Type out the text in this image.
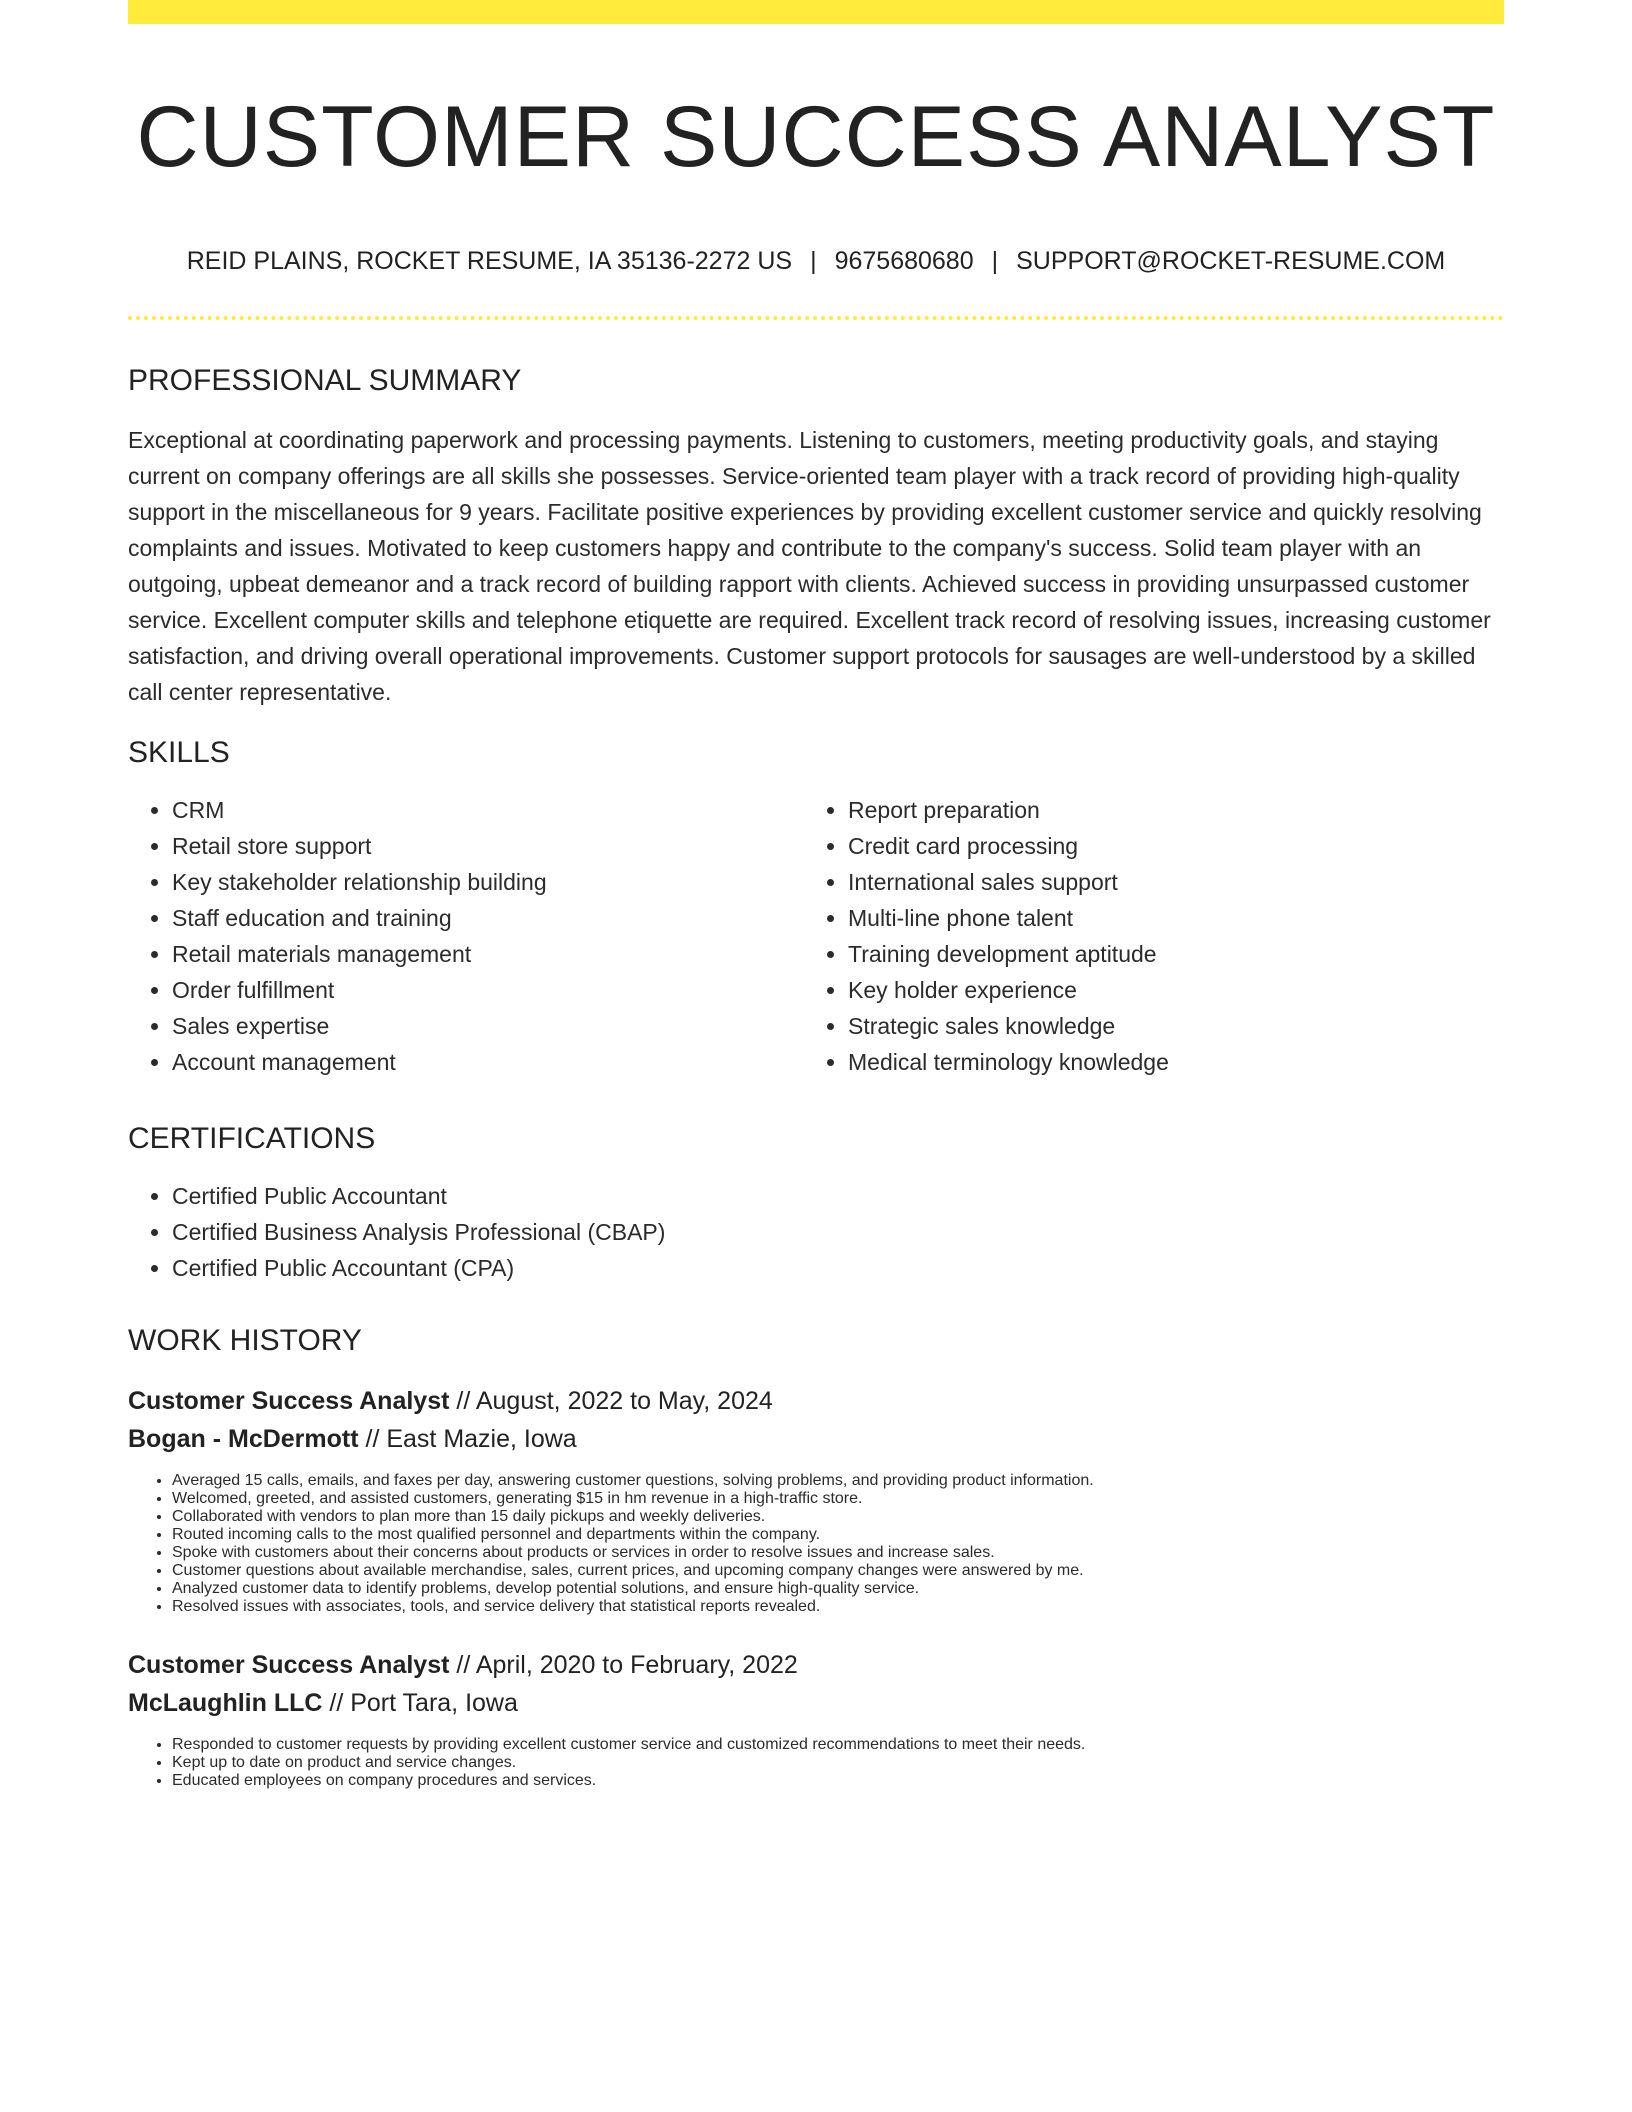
CUSTOMER SUCCESS ANALYST
REID PLAINS, ROCKET RESUME, IA 35136-2272 US | 9675680680 | SUPPORT@ROCKET-RESUME.COM
PROFESSIONAL SUMMARY
Exceptional at coordinating paperwork and processing payments. Listening to customers, meeting productivity goals, and staying current on company offerings are all skills she possesses. Service-oriented team player with a track record of providing high-quality support in the miscellaneous for 9 years. Facilitate positive experiences by providing excellent customer service and quickly resolving complaints and issues. Motivated to keep customers happy and contribute to the company's success. Solid team player with an outgoing, upbeat demeanor and a track record of building rapport with clients. Achieved success in providing unsurpassed customer service. Excellent computer skills and telephone etiquette are required. Excellent track record of resolving issues, increasing customer satisfaction, and driving overall operational improvements. Customer support protocols for sausages are well-understood by a skilled call center representative.
SKILLS
• CRM
• Retail store support
• Key stakeholder relationship building
• Staff education and training
• Retail materials management
• Order fulfillment
• Sales expertise
• Account management
• Report preparation
• Credit card processing
• International sales support
• Multi-line phone talent
• Training development aptitude
• Key holder experience
• Strategic sales knowledge
• Medical terminology knowledge
CERTIFICATIONS
• Certified Public Accountant
• Certified Business Analysis Professional (CBAP)
• Certified Public Accountant (CPA)
WORK HISTORY
Customer Success Analyst // August, 2022 to May, 2024
Bogan - McDermott // East Mazie, Iowa
• Averaged 15 calls, emails, and faxes per day, answering customer questions, solving problems, and providing product information.
• Welcomed, greeted, and assisted customers, generating $15 in hm revenue in a high-traffic store.
• Collaborated with vendors to plan more than 15 daily pickups and weekly deliveries.
• Routed incoming calls to the most qualified personnel and departments within the company.
• Spoke with customers about their concerns about products or services in order to resolve issues and increase sales.
• Customer questions about available merchandise, sales, current prices, and upcoming company changes were answered by me.
• Analyzed customer data to identify problems, develop potential solutions, and ensure high-quality service.
• Resolved issues with associates, tools, and service delivery that statistical reports revealed.
Customer Success Analyst // April, 2020 to February, 2022
McLaughlin LLC // Port Tara, Iowa
• Responded to customer requests by providing excellent customer service and customized recommendations to meet their needs.
• Kept up to date on product and service changes.
• Educated employees on company procedures and services.
